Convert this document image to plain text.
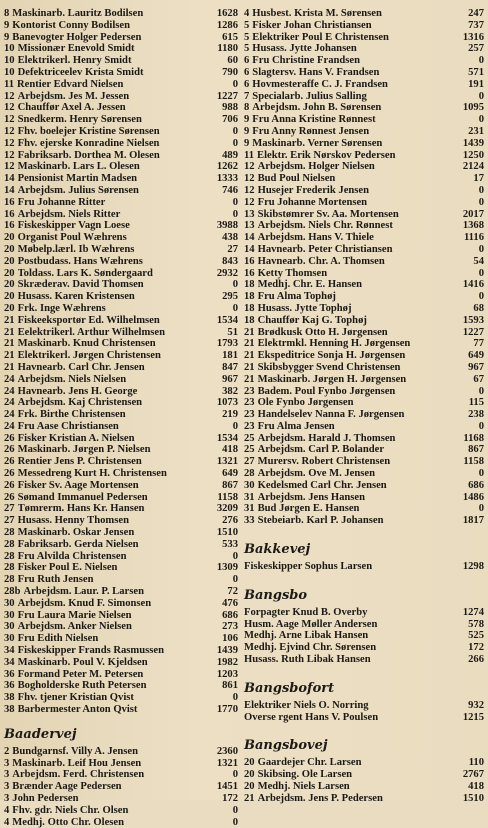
8 Maskinarb. Lauritz Bodilsen	1628
9 Kontorist Conny Bodilsen	1286
9 Banevogter Holger Pedersen	615
10 Missionær Enevold Smidt	1180
10 Elektrikerl. Henry Smidt	60
10 Defektriceelev Krista Smidt	790
11 Rentier Edvard Nielsen	0
12 Arbejdsm. Jes M. Jessen	1227
12 Chauffør Axel A. Jessen	988
12 Snedkerm. Henry Sørensen	706
12 Fhv. boelejer Kristine Sørensen	0
12 Fhv. ejerske Konradine Nielsen	0
12 Fabriksarb. Dorthea M. Olesen	489
12 Maskinarb. Lars L. Olesen	1262
14 Pensionist Martin Madsen	1333
14 Arbejdsm. Julius Sørensen	746
16 Fru Johanne Ritter	0
16 Arbejdsm. Niels Ritter	0
16 Fiskeskipper Vagn Loese	3988
20 Organist Poul Wæhrens	438
20 Møbelp.lærl. Ib Wæhrens	27
20 Postbudass. Hans Wæhrens	843
20 Toldass. Lars K. Søndergaard	2932
20 Skræderav. David Thomsen	0
20 Husass. Karen Kristensen	295
20 Frk. Inge Wæhrens	0
21 Fiskeeksportør Ed. Wilhelmsen	1534
21 Eelektrikerl. Arthur Wilhelmsen	51
21 Maskinarb. Knud Christensen	1793
21 Elektrikerl. Jørgen Christensen	181
21 Havnearb. Carl Chr. Jensen	847
24 Arbejdsm. Niels Nielsen	967
24 Havnearb. Jens H. George	382
24 Arbejdsm. Kaj Christensen	1073
24 Frk. Birthe Christensen	219
24 Fru Aase Christiansen	0
26 Fisker Kristian A. Nielsen	1534
26 Maskinarb. Jørgen P. Nielsen	418
26 Rentier Jens P. Christensen	1321
26 Messedreng Kurt H. Christensen	649
26 Fisker Sv. Aage Mortensen	867
26 Sømand Immanuel Pedersen	1158
27 Tømrerm. Hans Kr. Hansen	3209
27 Husass. Henny Thomsen	276
28 Maskinarb. Oskar Jensen	1510
28 Fabriksarb. Gerda Nielsen	533
28 Fru Alvilda Christensen	0
28 Fisker Poul E. Nielsen	1309
28 Fru Ruth Jensen	0
28b Arbejdsm. Laur. P. Larsen	72
30 Arbejdsm. Knud F. Simonsen	476
30 Fru Laura Marie Nielsen	686
30 Arbejdsm. Anker Nielsen	273
30 Fru Edith Nielsen	106
34 Fiskeskipper Frands Rasmussen	1439
34 Maskinarb. Poul V. Kjeldsen	1982
36 Formand Peter M. Petersen	1203
36 Bogholderske Ruth Petersen	861
38 Fhv. tjener Kristian Qvist	0
38 Barbermester Anton Qvist	1770
Baadervej
2 Bundgarnsf. Villy A. Jensen	2360
3 Maskinarb. Leif Hou Jensen	1321
3 Arbejdsm. Ferd. Christensen	0
3 Brænder Aage Pedersen	1451
3 John Pedersen	172
4 Fhv. gdr. Niels Chr. Olsen	0
4 Medhj. Otto Chr. Olesen	0
4 Husbest. Krista M. Sørensen	247
5 Fisker Johan Christiansen	737
5 Elektriker Poul E Christensen	1316
5 Husass. Jytte Johansen	257
6 Fru Christine Frandsen	0
6 Slagtersv. Hans V. Frandsen	571
6 Hovmesteraffe C. J. Frandsen	191
7 Specialarb. Julius Salling	0
8 Arbejdsm. John B. Sørensen	1095
9 Fru Anna Kristine Rønnest	0
9 Fru Anny Rønnest Jensen	231
9 Maskinarb. Verner Sørensen	1439
11 Elektr. Erik Nørskov Pedersen	1250
12 Arbejdsm. Holger Nielsen	2124
12 Bud Poul Nielsen	17
12 Husejer Frederik Jensen	0
12 Fru Johanne Mortensen	0
13 Skibstømrer Sv. Aa. Mortensen	2017
13 Arbejdsm. Niels Chr. Rønnest	1368
14 Arbejdsm. Hans V. Thiele	1116
14 Havnearb. Peter Christiansen	0
16 Havnearb. Chr. A. Thomsen	54
16 Ketty Thomsen	0
18 Medhj. Chr. E. Hansen	1416
18 Fru Alma Tophøj	0
18 Husass. Jytte Tophøj	68
18 Chauffør Kaj G. Tophøj	1593
21 Brødkusk Otto H. Jørgensen	1227
21 Elektrmkl. Henning H. Jørgensen	77
21 Ekspeditrice Sonja H. Jørgensen	649
21 Skibsbygger Svend Christensen	967
21 Maskinarb. Jørgen H. Jørgensen	67
23 Badem. Poul Fynbo Jørgensen	0
23 Ole Fynbo Jørgensen	115
23 Handelselev Nanna F. Jørgensen	238
23 Fru Alma Jensen	0
25 Arbejdsm. Harald J. Thomsen	1168
25 Arbejdsm. Carl P. Bolander	867
27 Murersv. Robert Christensen	1158
28 Arbejdsm. Ove M. Jensen	0
30 Kedelsmed Carl Chr. Jensen	686
31 Arbejdsm. Jens Hansen	1486
31 Bud Jørgen E. Hansen	0
33 Stebeiarb. Karl P. Johansen	1817
Bakkevej
Fiskeskipper Sophus Larsen	1298
Bangsbo
Forpagter Knud B. Overby	1274
Husm. Aage Møller Andersen	578
Medhj. Arne Libak Hansen	525
Medhj. Ejvind Chr. Sørensen	172
Husass. Ruth Libak Hansen	266
Bangsbofort
Elektriker Niels O. Norring	932
Overse rgent Hans V. Poulsen	1215
Bangsbovej
20 Gaardejer Chr. Larsen	110
20 Skibsing. Ole Larsen	2767
20 Medhj. Niels Larsen	418
21 Arbejdsm. Jens P. Pedersen	1510
